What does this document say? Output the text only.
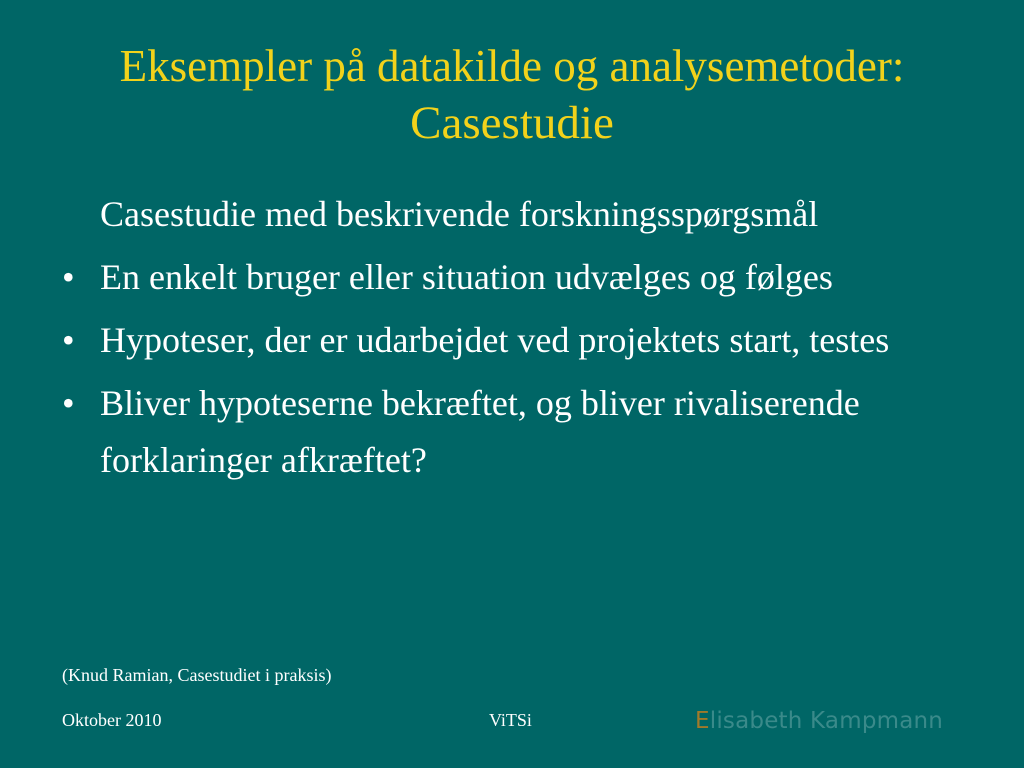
Eksempler på datakilde og analysemetoder:
Casestudie
Casestudie med beskrivende forskningsspørgsmål
• En enkelt bruger eller situation udvælges og følges
• Hypoteser, der er udarbejdet ved projektets start, testes
• Bliver hypoteserne bekræftet, og bliver rivaliserende forklaringer afkræftet?
(Knud Ramian, Casestudiet i praksis)
Oktober 2010	ViTSi	E lisabeth Kampmann
